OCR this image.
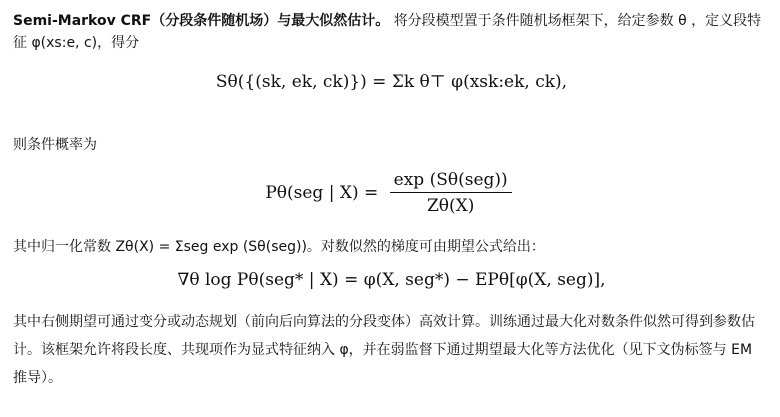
Semi-Markov CRF（分段条件随机场）与最大似然估计。 将分段模型置于条件随机场框架下，给定参数 θ ，定义段特征 φ(xs:e, c)，得分

Sθ({(sk, ek, ck)}) = Σk θ⊤ φ(xsk:ek, ck),

则条件概率为

Pθ(seg | $X) = \frac{\text{exp (Sθ(seg))}}{Z\theta(X)}$

其中归一化常数 Zθ(X) = Σseg exp (Sθ(seg))。对数似然的梯度可由期望公式给出：

∇θ log Pθ(seg* | X) = φ(X, seg*) − EPθ[φ(X, seg)],

其中右侧期望可通过变分或动态规划（前向后向算法的分段变体）高效计算。训练通过最大化对数条件似然可得到参数估计。该框架允许将段长度、共现项作为显式特征纳入 φ，并在弱监督下通过期望最大化等方法优化（见下文伪标签与 EM 推导）。
